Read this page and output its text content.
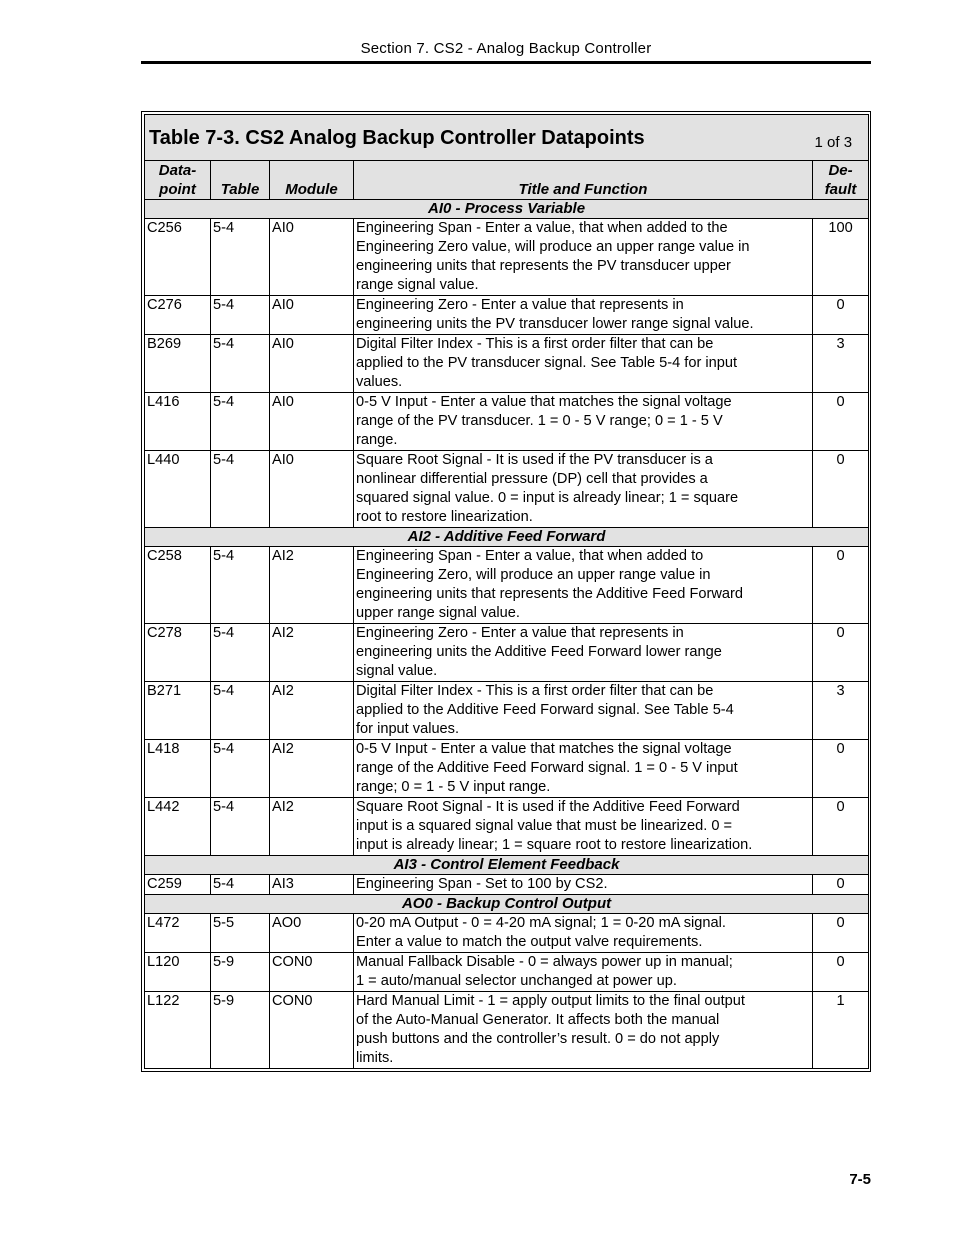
Section 7. CS2 - Analog Backup Controller
Table 7-3. CS2 Analog Backup Controller Datapoints 1 of 3				

Data-
point	Table	Module	Title and Function	De-
fault
AI0 - Process Variable				
C256	5-4	AI0	Engineering Span - Enter a value, that when added to the
Engineering Zero value, will produce an upper range value in
engineering units that represents the PV transducer upper
range signal value.	100
C276	5-4	AI0	Engineering Zero - Enter a value that represents in
engineering units the PV transducer lower range signal value.	0
B269	5-4	AI0	Digital Filter Index - This is a first order filter that can be
applied to the PV transducer signal. See Table 5-4 for input
values.	3
L416	5-4	AI0	0-5 V Input - Enter a value that matches the signal voltage
range of the PV transducer. 1 = 0 - 5 V range; 0 = 1 - 5 V
range.	0
L440	5-4	AI0	Square Root Signal - It is used if the PV transducer is a
nonlinear differential pressure (DP) cell that provides a
squared signal value. 0 = input is already linear; 1 = square
root to restore linearization.	0
AI2 - Additive Feed Forward				
C258	5-4	AI2	Engineering Span - Enter a value, that when added to
Engineering Zero, will produce an upper range value in
engineering units that represents the Additive Feed Forward
upper range signal value.	0
C278	5-4	AI2	Engineering Zero - Enter a value that represents in
engineering units the Additive Feed Forward lower range
signal value.	0
B271	5-4	AI2	Digital Filter Index - This is a first order filter that can be
applied to the Additive Feed Forward signal. See Table 5-4
for input values.	3
L418	5-4	AI2	0-5 V Input - Enter a value that matches the signal voltage
range of the Additive Feed Forward signal. 1 = 0 - 5 V input
range; 0 = 1 - 5 V input range.	0
L442	5-4	AI2	Square Root Signal - It is used if the Additive Feed Forward
input is a squared signal value that must be linearized. 0 =
input is already linear; 1 = square root to restore linearization.	0
AI3 - Control Element Feedback				
C259	5-4	AI3	Engineering Span - Set to 100 by CS2.	0
AO0 - Backup Control Output				
L472	5-5	AO0	0-20 mA Output - 0 = 4-20 mA signal; 1 = 0-20 mA signal.
Enter a value to match the output valve requirements.	0
L120	5-9	CON0	Manual Fallback Disable - 0 = always power up in manual;
1 = auto/manual selector unchanged at power up.	0
L122	5-9	CON0	Hard Manual Limit - 1 = apply output limits to the final output
of the Auto-Manual Generator. It affects both the manual
push buttons and the controller’s result. 0 = do not apply
limits.	1
7-5
